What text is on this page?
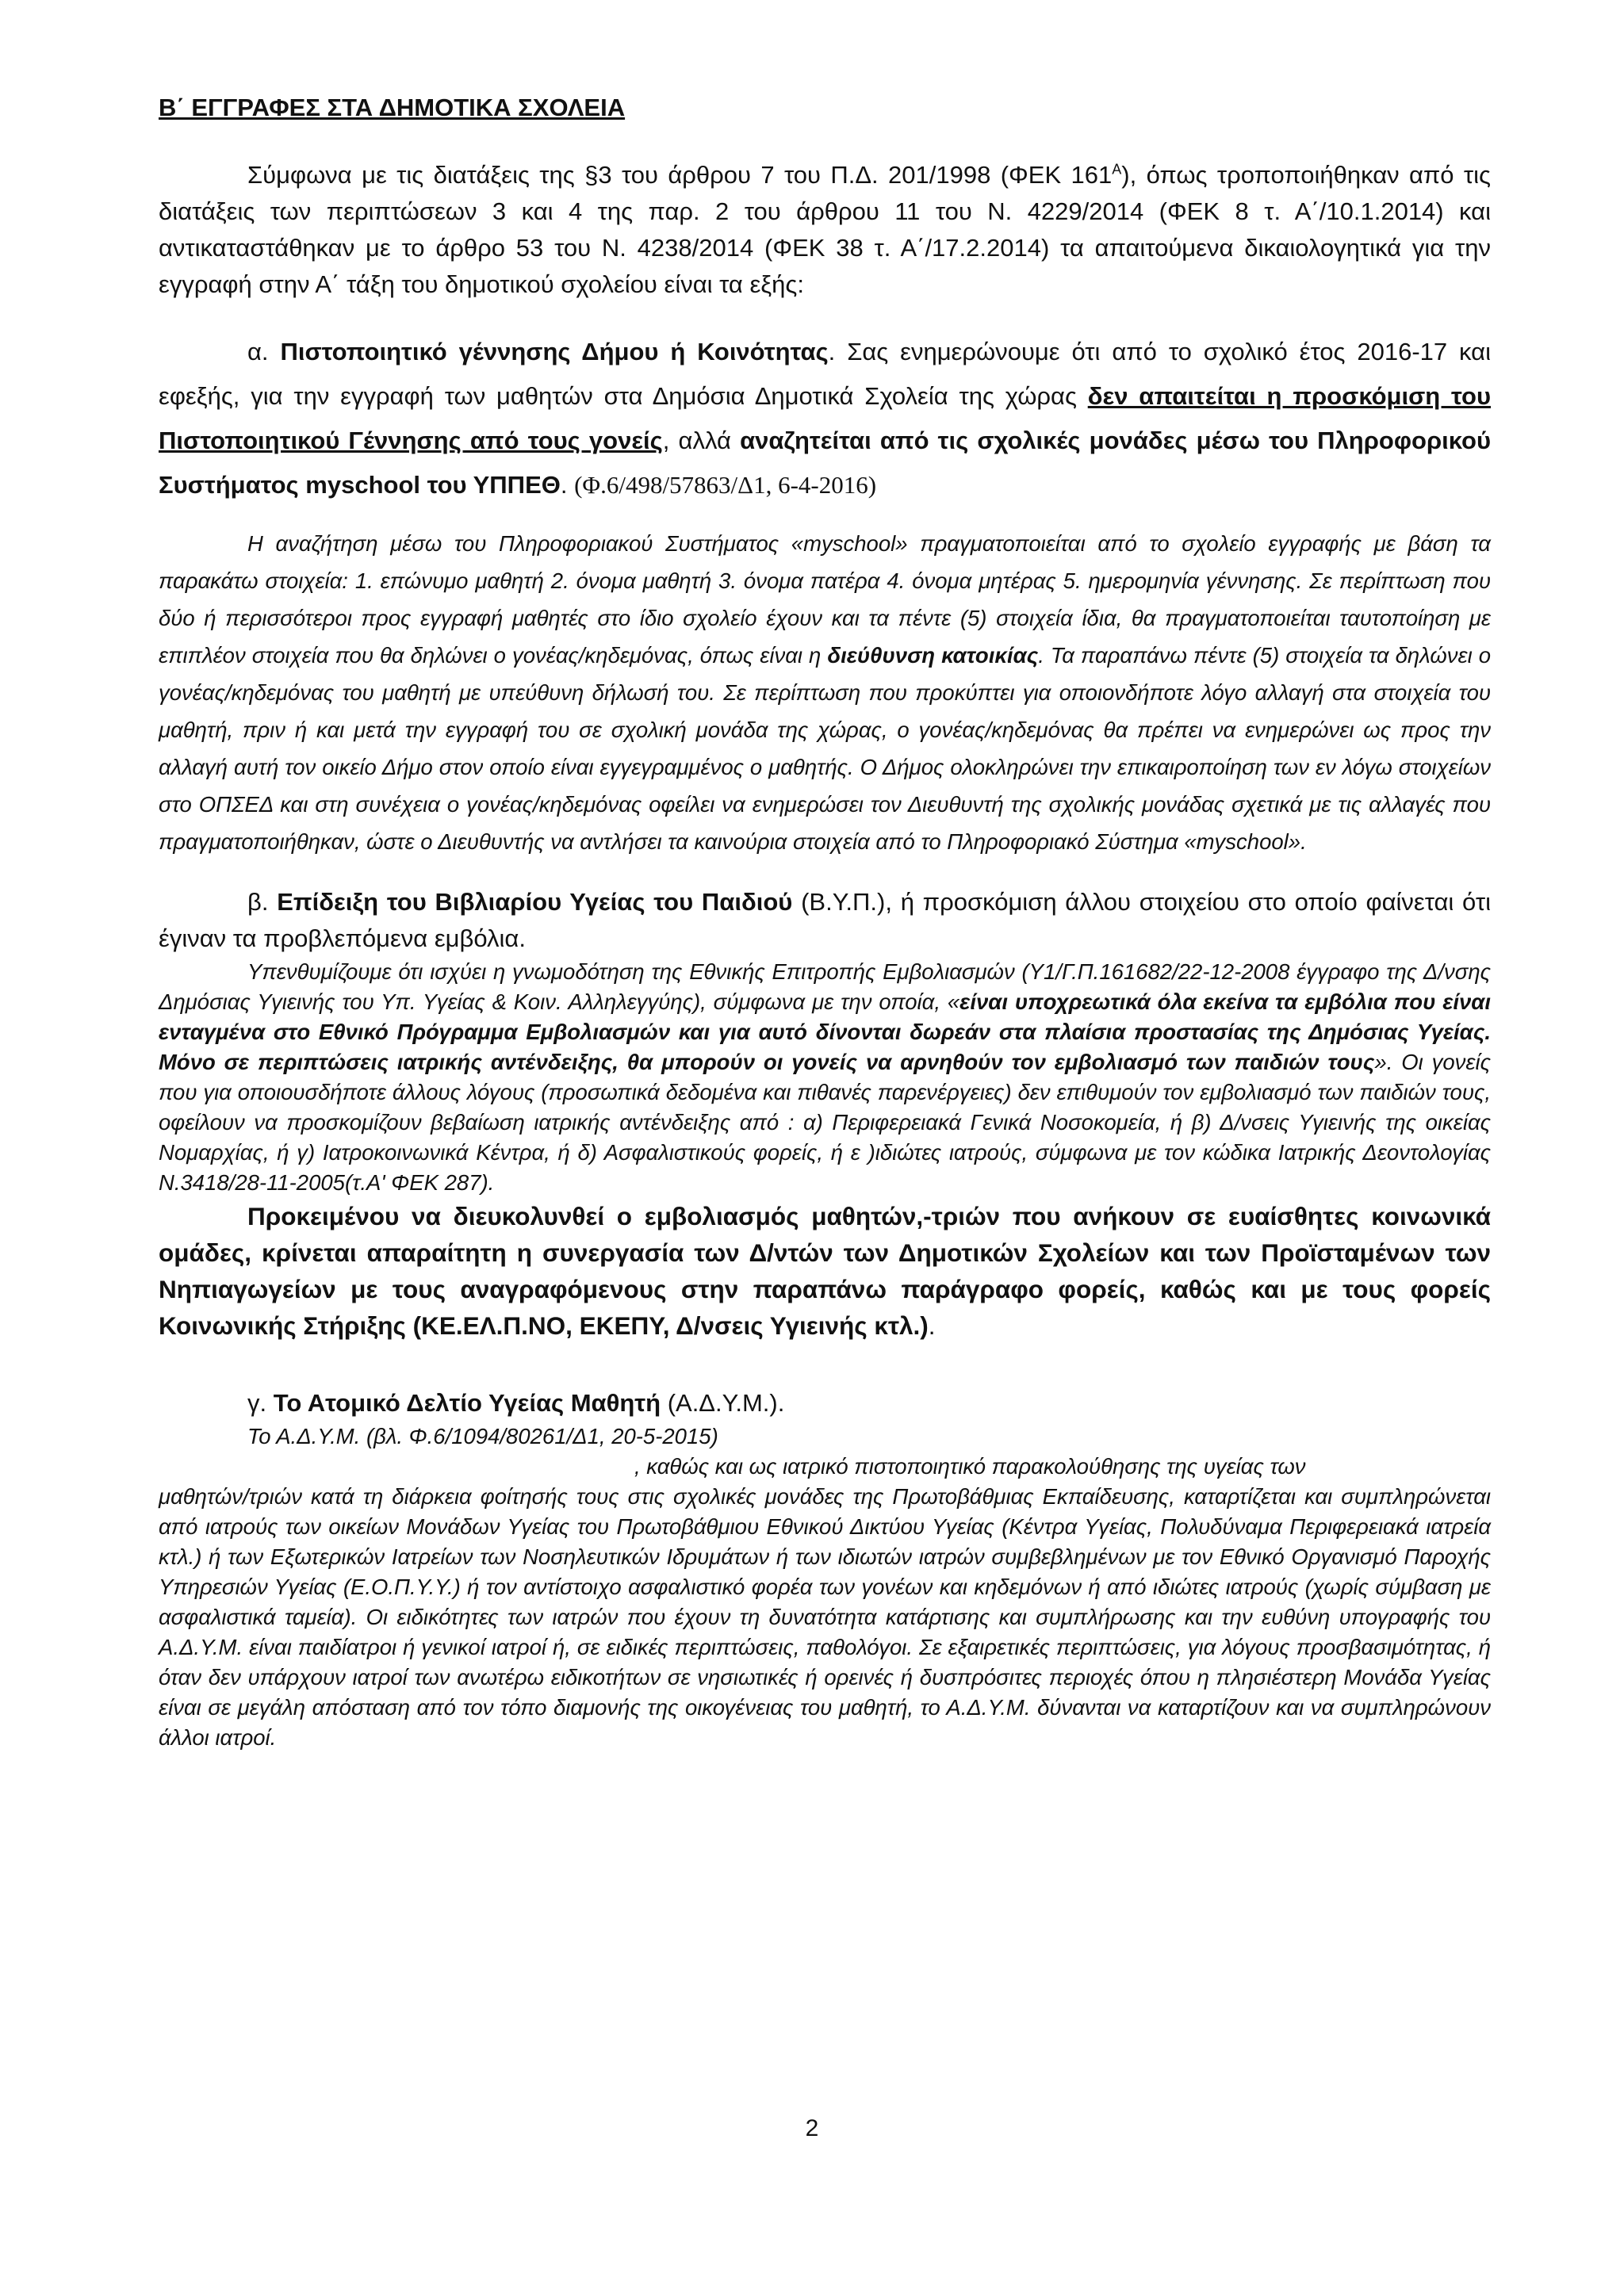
Β΄ ΕΓΓΡΑΦΕΣ ΣΤΑ ΔΗΜΟΤΙΚΑ ΣΧΟΛΕΙΑ

Σύμφωνα με τις διατάξεις της §3 του άρθρου 7 του Π.Δ. 201/1998 (ΦΕΚ $161^A$), όπως τροποποιήθηκαν από τις διατάξεις των περιπτώσεων 3 και 4 της παρ. 2 του άρθρου 11 του Ν. 4229/2014 (ΦΕΚ 8 τ. Α΄/10.1.2014) και αντικαταστάθηκαν με το άρθρο 53 του Ν. 4238/2014 (ΦΕΚ 38 τ. Α΄/17.2.2014) τα απαιτούμενα δικαιολογητικά για την εγγραφή στην Α΄ τάξη του δημοτικού σχολείου είναι τα εξής:

α. Πιστοποιητικό γέννησης Δήμου ή Κοινότητας. Σας ενημερώνουμε ότι από το σχολικό έτος 2016-17 και εφεξής, για την εγγραφή των μαθητών στα Δημόσια Δημοτικά Σχολεία της χώρας δεν απαιτείται η προσκόμιση του Πιστοποιητικού Γέννησης από τους γονείς, αλλά αναζητείται από τις σχολικές μονάδες μέσω του Πληροφορικού Συστήματος myschool του ΥΠΠΕΘ. (Φ.6/498/57863/Δ1, 6-4-2016)

Η αναζήτηση μέσω του Πληροφοριακού Συστήματος «myschool» πραγματοποιείται από το σχολείο εγγραφής με βάση τα παρακάτω στοιχεία: 1. επώνυμο μαθητή 2. όνομα μαθητή 3. όνομα πατέρα 4. όνομα μητέρας 5. ημερομηνία γέννησης. Σε περίπτωση που δύο ή περισσότεροι προς εγγραφή μαθητές στο ίδιο σχολείο έχουν και τα πέντε (5) στοιχεία ίδια, θα πραγματοποιείται ταυτοποίηση με επιπλέον στοιχεία που θα δηλώνει ο γονέας/κηδεμόνας, όπως είναι η διεύθυνση κατοικίας. Τα παραπάνω πέντε (5) στοιχεία τα δηλώνει ο γονέας/κηδεμόνας του μαθητή με υπεύθυνη δήλωσή του. Σε περίπτωση που προκύπτει για οποιονδήποτε λόγο αλλαγή στα στοιχεία του μαθητή, πριν ή και μετά την εγγραφή του σε σχολική μονάδα της χώρας, ο γονέας/κηδεμόνας θα πρέπει να ενημερώνει ως προς την αλλαγή αυτή τον οικείο Δήμο στον οποίο είναι εγγεγραμμένος ο μαθητής. Ο Δήμος ολοκληρώνει την επικαιροποίηση των εν λόγω στοιχείων στο ΟΠΣΕΔ και στη συνέχεια ο γονέας/κηδεμόνας οφείλει να ενημερώσει τον Διευθυντή της σχολικής μονάδας σχετικά με τις αλλαγές που πραγματοποιήθηκαν, ώστε ο Διευθυντής να αντλήσει τα καινούρια στοιχεία από το Πληροφοριακό Σύστημα «myschool».

β. Επίδειξη του Βιβλιαρίου Υγείας του Παιδιού (Β.Υ.Π.), ή προσκόμιση άλλου στοιχείου στο οποίο φαίνεται ότι έγιναν τα προβλεπόμενα εμβόλια.

Υπενθυμίζουμε ότι ισχύει η γνωμοδότηση της Εθνικής Επιτροπής Εμβολιασμών (Υ1/Γ.Π.161682/22-12-2008 έγγραφο της Δ/νσης Δημόσιας Υγιεινής του Υπ. Υγείας & Κοιν. Αλληλεγγύης), σύμφωνα με την οποία, «είναι υποχρεωτικά όλα εκείνα τα εμβόλια που είναι ενταγμένα στο Εθνικό Πρόγραμμα Εμβολιασμών και για αυτό δίνονται δωρεάν στα πλαίσια προστασίας της Δημόσιας Υγείας. Μόνο σε περιπτώσεις ιατρικής αντένδειξης, θα μπορούν οι γονείς να αρνηθούν τον εμβολιασμό των παιδιών τους». Οι γονείς που για οποιουσδήποτε άλλους λόγους (προσωπικά δεδομένα και πιθανές παρενέργειες) δεν επιθυμούν τον εμβολιασμό των παιδιών τους, οφείλουν να προσκομίζουν βεβαίωση ιατρικής αντένδειξης από : α) Περιφερειακά Γενικά Νοσοκομεία, ή β) Δ/νσεις Υγιεινής της οικείας Νομαρχίας, ή γ) Ιατροκοινωνικά Κέντρα, ή δ) Ασφαλιστικούς φορείς, ή ε )ιδιώτες ιατρούς, σύμφωνα με τον κώδικα Ιατρικής Δεοντολογίας Ν.3418/28-11-2005(τ.Α' ΦΕΚ 287).

Προκειμένου να διευκολυνθεί ο εμβολιασμός μαθητών,-τριών που ανήκουν σε ευαίσθητες κοινωνικά ομάδες, κρίνεται απαραίτητη η συνεργασία των Δ/ντών των Δημοτικών Σχολείων και των Προϊσταμένων των Νηπιαγωγείων με τους αναγραφόμενους στην παραπάνω παράγραφο φορείς, καθώς και με τους φορείς Κοινωνικής Στήριξης (ΚΕ.ΕΛ.Π.ΝΟ, ΕΚΕΠΥ, Δ/νσεις Υγιεινής κτλ.).

γ. Το Ατομικό Δελτίο Υγείας Μαθητή (Α.Δ.Υ.Μ.).

Το Α.Δ.Υ.Μ. (βλ. Φ.6/1094/80261/Δ1, 20-5-2015)

, καθώς και ως ιατρικό πιστοποιητικό παρακολούθησης της υγείας των

μαθητών/τριών κατά τη διάρκεια φοίτησής τους στις σχολικές μονάδες της Πρωτοβάθμιας Εκπαίδευσης, καταρτίζεται και συμπληρώνεται από ιατρούς των οικείων Μονάδων Υγείας του Πρωτοβάθμιου Εθνικού Δικτύου Υγείας (Κέντρα Υγείας, Πολυδύναμα Περιφερειακά ιατρεία κτλ.) ή των Εξωτερικών Ιατρείων των Νοσηλευτικών Ιδρυμάτων ή των ιδιωτών ιατρών συμβεβλημένων με τον Εθνικό Οργανισμό Παροχής Υπηρεσιών Υγείας (Ε.Ο.Π.Υ.Υ.) ή τον αντίστοιχο ασφαλιστικό φορέα των γονέων και κηδεμόνων ή από ιδιώτες ιατρούς (χωρίς σύμβαση με ασφαλιστικά ταμεία). Οι ειδικότητες των ιατρών που έχουν τη δυνατότητα κατάρτισης και συμπλήρωσης και την ευθύνη υπογραφής του Α.Δ.Υ.Μ. είναι παιδίατροι ή γενικοί ιατροί ή, σε ειδικές περιπτώσεις, παθολόγοι. Σε εξαιρετικές περιπτώσεις, για λόγους προσβασιμότητας, ή όταν δεν υπάρχουν ιατροί των ανωτέρω ειδικοτήτων σε νησιωτικές ή ορεινές ή δυσπρόσιτες περιοχές όπου η πλησιέστερη Μονάδα Υγείας είναι σε μεγάλη απόσταση από τον τόπο διαμονής της οικογένειας του μαθητή, το Α.Δ.Υ.Μ. δύνανται να καταρτίζουν και να συμπληρώνουν άλλοι ιατροί.

2
